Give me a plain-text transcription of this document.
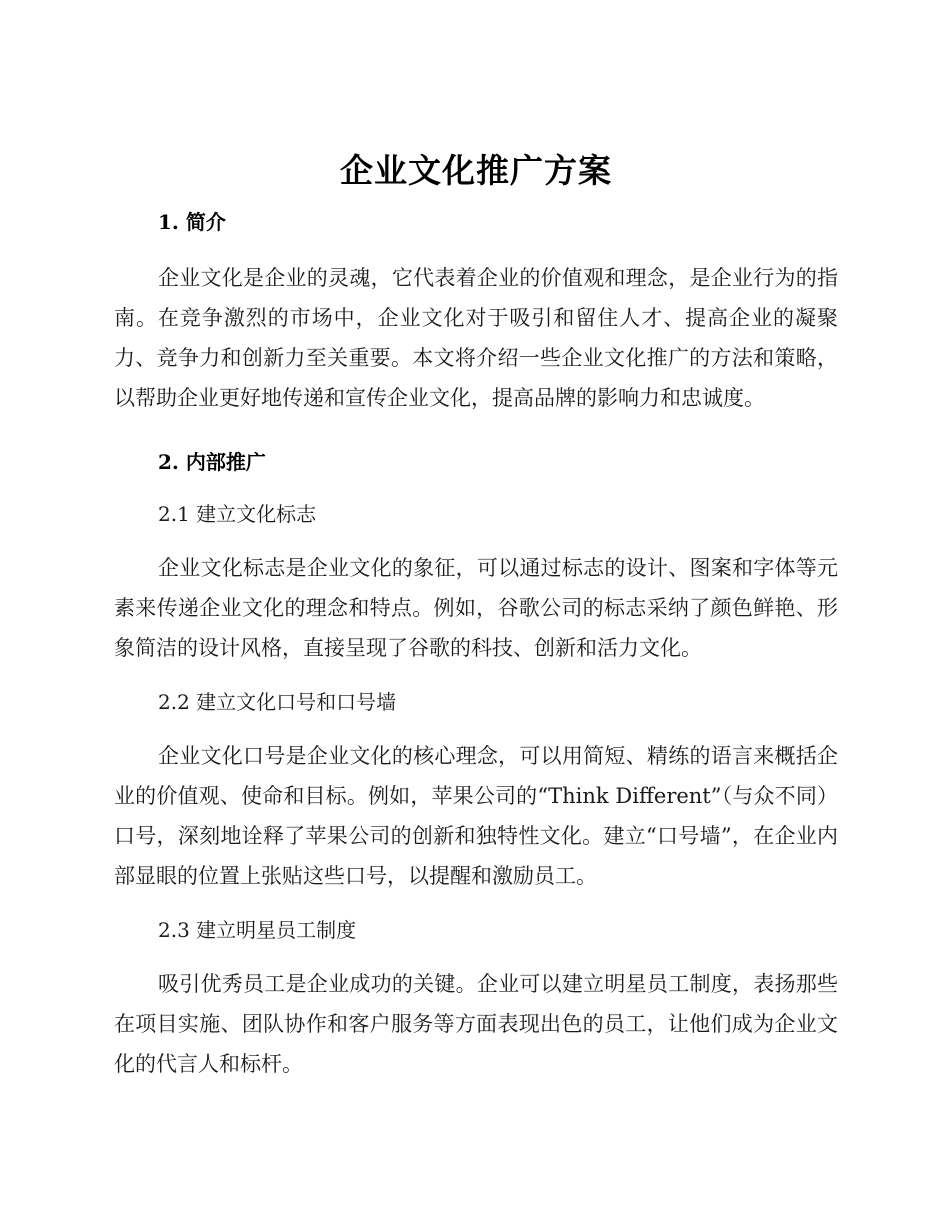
企业文化推广方案
1. 简介

企业文化是企业的灵魂，它代表着企业的价值观和理念，是企业行为的指南。在竞争激烈的市场中，企业文化对于吸引和留住人才、提高企业的凝聚力、竞争力和创新力至关重要。本文将介绍一些企业文化推广的方法和策略，以帮助企业更好地传递和宣传企业文化，提高品牌的影响力和忠诚度。

2. 内部推广
2.1 建立文化标志

企业文化标志是企业文化的象征，可以通过标志的设计、图案和字体等元素来传递企业文化的理念和特点。例如，谷歌公司的标志采纳了颜色鲜艳、形象简洁的设计风格，直接呈现了谷歌的科技、创新和活力文化。

2.2 建立文化口号和口号墙

企业文化口号是企业文化的核心理念，可以用简短、精练的语言来概括企业的价值观、使命和目标。例如，苹果公司的“Think Different”（与众不同）口号，深刻地诠释了苹果公司的创新和独特性文化。建立“口号墙”，在企业内部显眼的位置上张贴这些口号，以提醒和激励员工。

2.3 建立明星员工制度

吸引优秀员工是企业成功的关键。企业可以建立明星员工制度，表扬那些在项目实施、团队协作和客户服务等方面表现出色的员工，让他们成为企业文化的代言人和标杆。
